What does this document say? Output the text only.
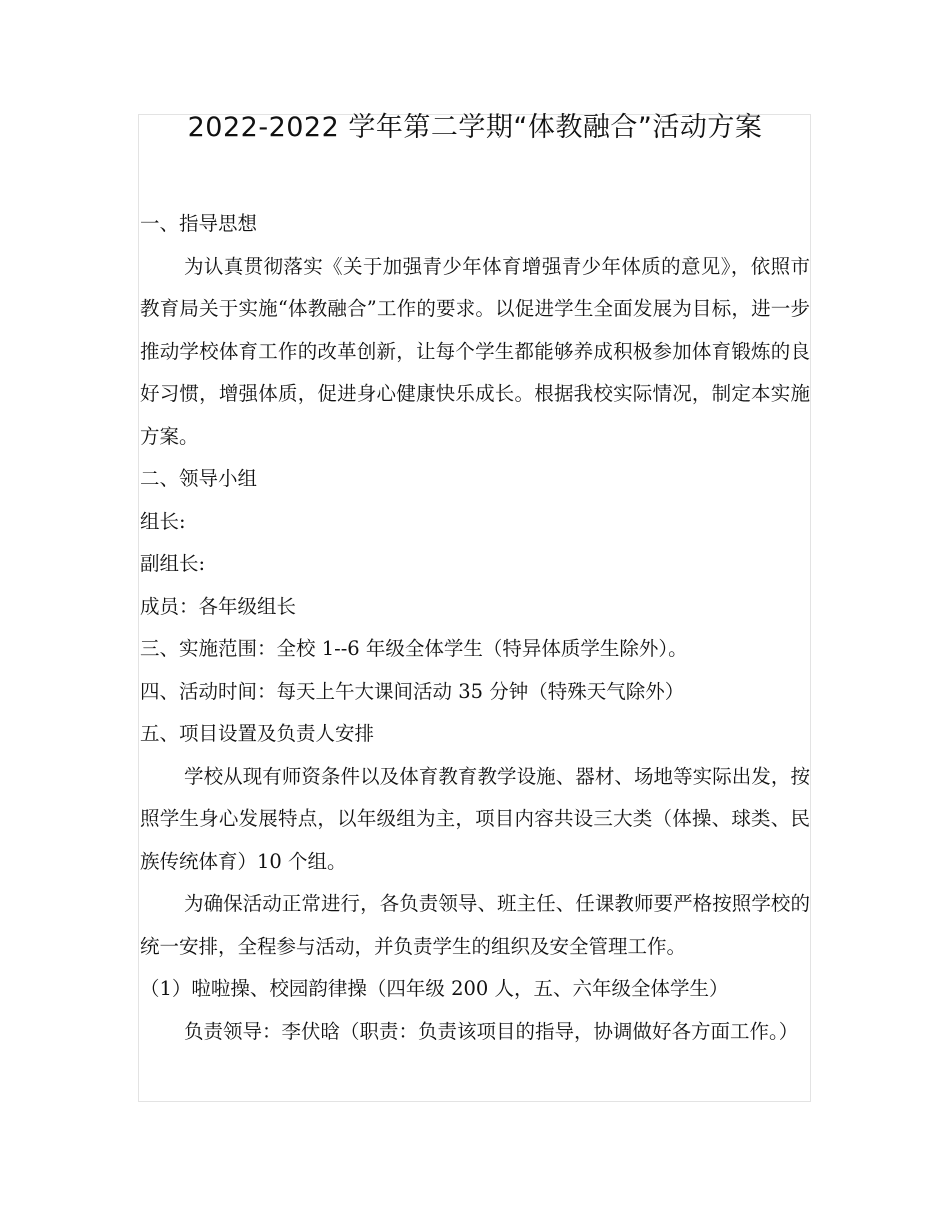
2022-2022 学年第二学期“体教融合”活动方案

一、指导思想

为认真贯彻落实《关于加强青少年体育增强青少年体质的意见》，依照市教育局关于实施“体教融合”工作的要求。以促进学生全面发展为目标，进一步推动学校体育工作的改革创新，让每个学生都能够养成积极参加体育锻炼的良好习惯，增强体质，促进身心健康快乐成长。根据我校实际情况，制定本实施方案。

二、领导小组

组长:

副组长:

成员：各年级组长

三、实施范围：全校 1--6 年级全体学生（特异体质学生除外）。

四、活动时间：每天上午大课间活动 35 分钟（特殊天气除外）

五、项目设置及负责人安排

学校从现有师资条件以及体育教育教学设施、器材、场地等实际出发，按照学生身心发展特点，以年级组为主，项目内容共设三大类（体操、球类、民族传统体育）10 个组。

为确保活动正常进行，各负责领导、班主任、任课教师要严格按照学校的统一安排，全程参与活动，并负责学生的组织及安全管理工作。

（1）啦啦操、校园韵律操（四年级 200 人，五、六年级全体学生）

负责领导：李伏晗（职责：负责该项目的指导，协调做好各方面工作。）
